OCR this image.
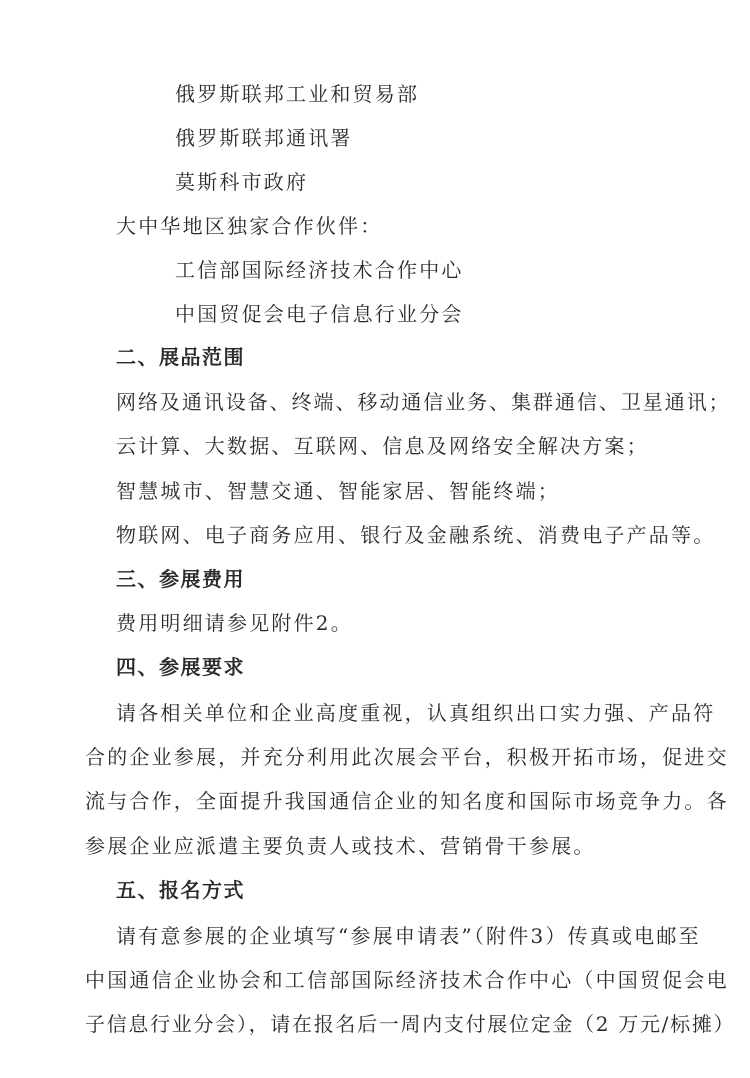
俄罗斯联邦工业和贸易部
俄罗斯联邦通讯署
莫斯科市政府
大中华地区独家合作伙伴：
工信部国际经济技术合作中心
中国贸促会电子信息行业分会
二、展品范围
网络及通讯设备、终端、移动通信业务、集群通信、卫星通讯；
云计算、大数据、互联网、信息及网络安全解决方案；
智慧城市、智慧交通、智能家居、智能终端；
物联网、电子商务应用、银行及金融系统、消费电子产品等。
三、参展费用
费用明细请参见附件2。
四、参展要求
请各相关单位和企业高度重视，认真组织出口实力强、产品符
合的企业参展，并充分利用此次展会平台，积极开拓市场，促进交
流与合作，全面提升我国通信企业的知名度和国际市场竞争力。各
参展企业应派遣主要负责人或技术、营销骨干参展。
五、报名方式
请有意参展的企业填写“参展申请表”（附件3）传真或电邮至
中国通信企业协会和工信部国际经济技术合作中心（中国贸促会电
子信息行业分会），请在报名后一周内支付展位定金（2 万元/标摊）
